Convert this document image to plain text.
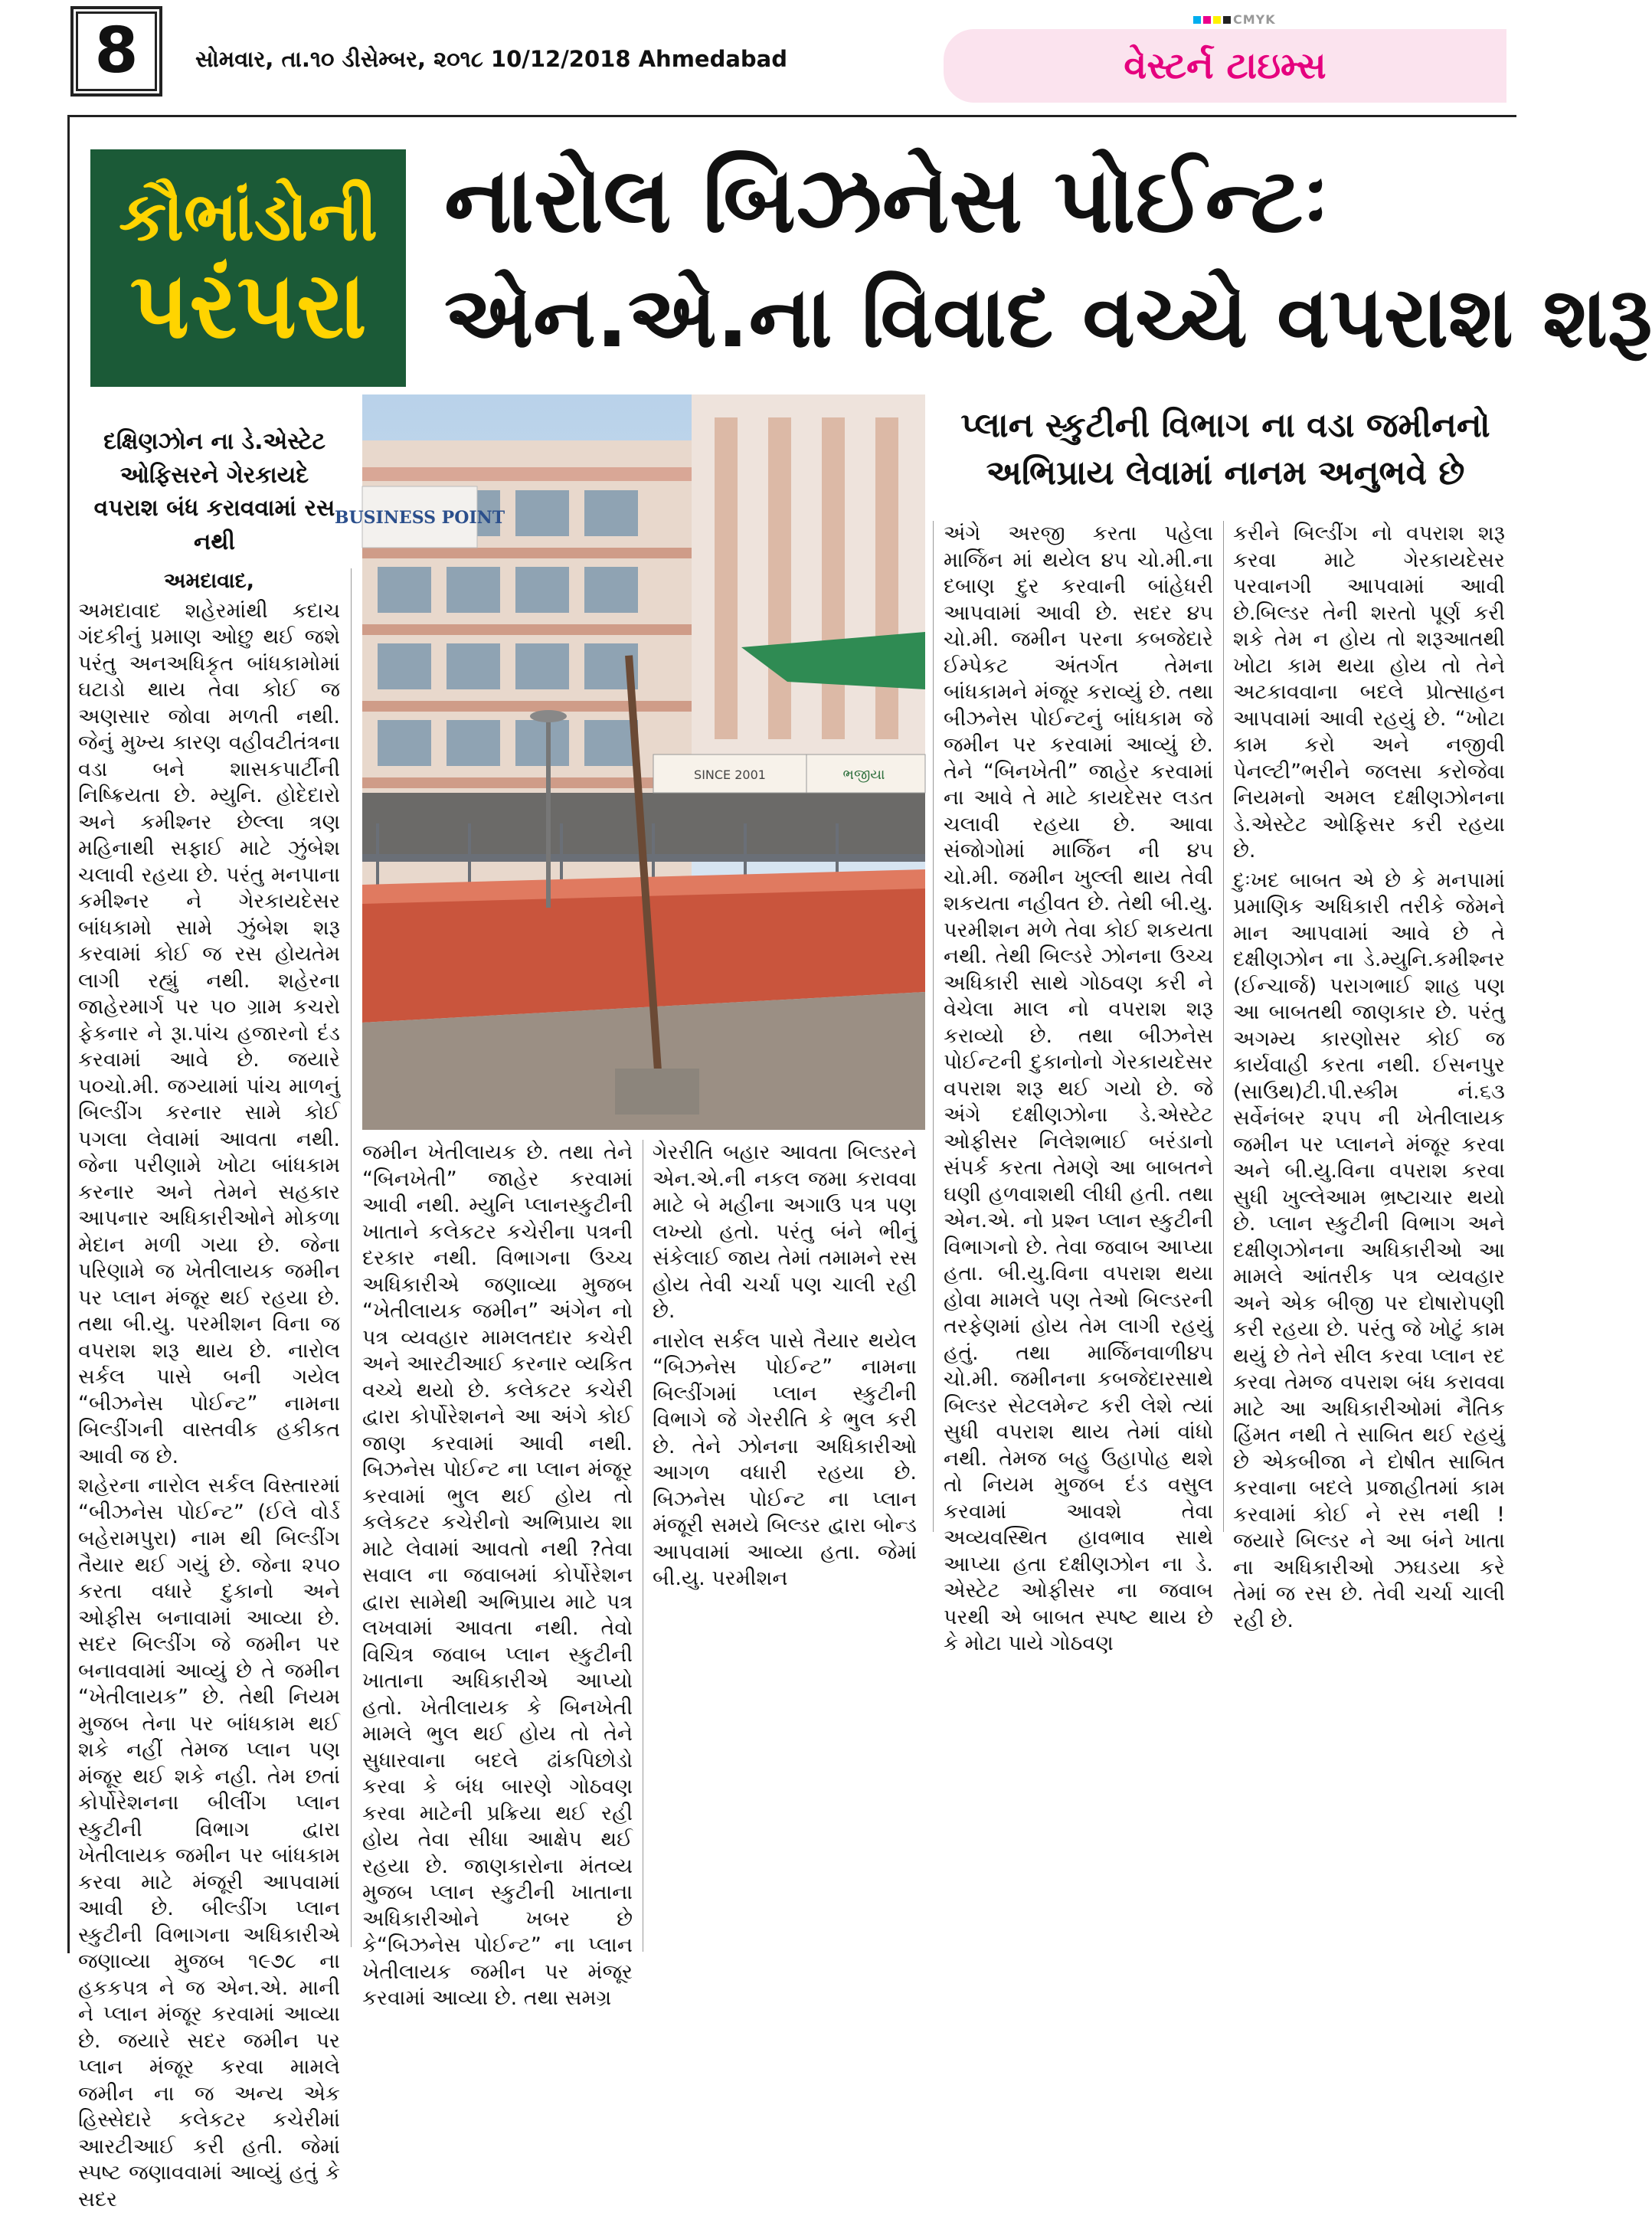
8	સોમવાર, તા.૧૦ ડીસેમ્બર, ૨૦૧૮ 10/12/2018 Ahmedabad
CMYK
વેસ્ટર્ન ટાઇમ્સ
કૌભાંડોની
પરંપરા
નારોલ બિઝનેસ પોઈન્ટઃ
એન.એ.ના વિવાદ વચ્ચે વપરાશ શરૂ
દક્ષિણઝોન ના ડે.એસ્ટેટ ઓફિસરને ગેરકાયદે વપરાશ બંધ કરાવવામાં રસ નથી
BUSINESS POINT
SINCE 2001	ભજીયા
પ્લાન સ્કુટીની વિભાગ ના વડા જમીનનો અભિપ્રાય લેવામાં નાનમ અનુભવે છે

અમદાવાદ,

અમદાવાદ શહેરમાંથી કદાચ ગંદકીનું પ્રમાણ ઓછુ થઈ જશે પરંતુ અનઅધિકૃત બાંધકામોમાં ઘટાડો થાય તેવા કોઈ જ અણસાર જોવા મળતી નથી. જેનું મુખ્ય કારણ વહીવટીતંત્રના વડા બને શાસકપાર્ટીની નિષ્ક્રિયતા છે. મ્યુનિ. હોદેદારો અને કમીશ્નર છેલ્લા ત્રણ મહિનાથી સફાઈ માટે ઝુંબેશ ચલાવી રહયા છે. પરંતુ મનપાના કમીશ્નર ને ગેરકાયદેસર બાંધકામો સામે ઝુંબેશ શરૂ કરવામાં કોઈ જ રસ હોયતેમ લાગી રહ્યું નથી. શહેરના જાહેરમાર્ગ પર ૫૦ ગ્રામ કચરો ફેકનાર ને રૂા.પાંચ હજારનો દંડ કરવામાં આવે છે. જયારે ૫૦ચો.મી. જગ્યામાં પાંચ માળનું બિલ્ડીંગ કરનાર સામે કોઈ પગલા લેવામાં આવતા નથી. જેના પરીણામે ખોટા બાંધકામ કરનાર અને તેમને સહકાર આપનાર અધિકારીઓને મોકળા મેદાન મળી ગયા છે. જેના પરિણામે જ ખેતીલાયક જમીન પર પ્લાન મંજૂર થઈ રહયા છે. તથા બી.યુ. પરમીશન વિના જ વપરાશ શરૂ થાય છે. નારોલ સર્કલ પાસે બની ગયેલ “બીઝનેસ પોઈન્ટ” નામના બિલ્ડીંગની વાસ્તવીક હકીકત આવી જ છે.

શહેરના નારોલ સર્કલ વિસ્તારમાં “બીઝનેસ પોઈન્ટ” (ઈલે વોર્ડ બહેરામપુરા) નામ થી બિલ્ડીંગ તૈયાર થઈ ગયું છે. જેના ૨૫૦ કરતા વધારે દુકાનો અને ઓફીસ બનાવામાં આવ્યા છે. સદર બિલ્ડીંગ જે જમીન પર બનાવવામાં આવ્યું છે તે જમીન “ખેતીલાયક” છે. તેથી નિયમ મુજબ તેના પર બાંધકામ થઈ શકે નહીં તેમજ પ્લાન પણ મંજૂર થઈ શકે નહી. તેમ છતાં કોર્પોરેશનના બીલીંગ પ્લાન સ્કુટીની વિભાગ દ્વારા ખેતીલાયક જમીન પર બાંધકામ કરવા માટે મંજૂરી આપવામાં આવી છે. બીલ્ડીંગ પ્લાન સ્કુટીની વિભાગના અધિકારીએ જણાવ્યા મુજબ ૧૯૭૮ ના હકકપત્ર ને જ એન.એ. માની ને પ્લાન મંજૂર કરવામાં આવ્યા છે. જયારે સદર જમીન પર પ્લાન મંજૂર કરવા મામલે જમીન ના જ અન્ય એક હિસ્સેદારે કલેકટર કચેરીમાં આરટીઆઈ કરી હતી. જેમાં સ્પષ્ટ જણાવવામાં આવ્યું હતું કે સદર

જમીન ખેતીલાયક છે. તથા તેને “બિનખેતી” જાહેર કરવામાં આવી નથી. મ્યુનિ પ્લાનસ્કુટીની ખાતાને કલેકટર કચેરીના પત્રની દરકાર નથી. વિભાગના ઉચ્ચ અધિકારીએ જણાવ્યા મુજબ “ખેતીલાયક જમીન” અંગેન નો પત્ર વ્યવહાર મામલતદાર કચેરી અને આરટીઆઈ કરનાર વ્યકિત વચ્ચે થયો છે. કલેકટર કચેરી દ્વારા કોર્પોરેશનને આ અંગે કોઈ જાણ કરવામાં આવી નથી. બિઝનેસ પોઈન્ટ ના પ્લાન મંજૂર કરવામાં ભુલ થઈ હોય તો કલેકટર કચેરીનો અભિપ્રાય શા માટે લેવામાં આવતો નથી ?તેવા સવાલ ના જવાબમાં કોર્પોરેશન દ્વારા સામેથી અભિપ્રાય માટે પત્ર લખવામાં આવતા નથી. તેવો વિચિત્ર જવાબ પ્લાન સ્કુટીની ખાતાના અધિકારીએ આપ્યો હતો. ખેતીલાયક કે બિનખેતી મામલે ભુલ થઈ હોય તો તેને સુધારવાના બદલે ઢાંકપિછોડો કરવા કે બંધ બારણે ગોઠવણ કરવા માટેની પ્રક્રિયા થઈ રહી હોય તેવા સીધા આક્ષેપ થઈ રહયા છે. જાણકારોના મંતવ્ય મુજબ પ્લાન સ્કુટીની ખાતાના અધિકારીઓને ખબર છે કે“બિઝનેસ પોઈન્ટ” ના પ્લાન ખેતીલાયક જમીન પર મંજૂર કરવામાં આવ્યા છે. તથા સમગ્ર

ગેરરીતિ બહાર આવતા બિલ્ડરને એન.એ.ની નકલ જમા કરાવવા માટે બે મહીના અગાઉ પત્ર પણ લખ્યો હતો. પરંતુ બંને ભીનું સંકેલાઈ જાય તેમાં તમામને રસ હોય તેવી ચર્ચા પણ ચાલી રહી છે.

નારોલ સર્કલ પાસે તૈયાર થયેલ “બિઝનેસ પોઈન્ટ” નામના બિલ્ડીંગમાં પ્લાન સ્કુટીની વિભાગે જે ગેરરીતિ કે ભુલ કરી છે. તેને ઝોનના અધિકારીઓ આગળ વધારી રહયા છે. બિઝનેસ પોઈન્ટ ના પ્લાન મંજૂરી સમયે બિલ્ડર દ્વારા બોન્ડ આપવામાં આવ્યા હતા. જેમાં બી.યુ. પરમીશન

અંગે અરજી કરતા પહેલા માર્જિન માં થયેલ ૪૫ ચો.મી.ના દબાણ દુર કરવાની બાંહેધરી આપવામાં આવી છે. સદર ૪૫ ચો.મી. જમીન પરના કબજેદારે ઈમ્પેકટ અંતર્ગત તેમના બાંધકામને મંજૂર કરાવ્યું છે. તથા બીઝનેસ પોઈન્ટનું બાંધકામ જે જમીન પર કરવામાં આવ્યું છે. તેને “બિનખેતી” જાહેર કરવામાં ના આવે તે માટે કાયદેસર લડત ચલાવી રહયા છે. આવા સંજોગોમાં માર્જિન ની ૪૫ ચો.મી. જમીન ખુલ્લી થાય તેવી શકયતા નહીવત છે. તેથી બી.યુ. પરમીશન મળે તેવા કોઈ શકયતા નથી. તેથી બિલ્ડરે ઝોનના ઉચ્ચ અધિકારી સાથે ગોઠવણ કરી ને વેચેલા માલ નો વપરાશ શરૂ કરાવ્યો છે. તથા બીઝનેસ પોઈન્ટની દુકાનોનો ગેરકાયદેસર વપરાશ શરૂ થઈ ગયો છે. જે અંગે દક્ષીણઝોના ડે.એસ્ટેટ ઓફીસર નિલેશભાઈ બરંડાનો સંપર્ક કરતા તેમણે આ બાબતને ઘણી હળવાશથી લીધી હતી. તથા એન.એ. નો પ્રશ્ન પ્લાન સ્કુટીની વિભાગનો છે. તેવા જવાબ આપ્યા હતા. બી.યુ.વિના વપરાશ થયા હોવા મામલે પણ તેઓ બિલ્ડરની તરફેણમાં હોય તેમ લાગી રહયું હતું. તથા માર્જિનવાળી૪૫ ચો.મી. જમીનના કબજેદારસાથે બિલ્ડર સેટલમેન્ટ કરી લેશે ત્યાં સુધી વપરાશ થાય તેમાં વાંધો નથી. તેમજ બહુ ઉહાપોહ થશે તો નિયમ મુજબ દંડ વસુલ કરવામાં આવશે તેવા અવ્યવસ્થિત હાવભાવ સાથે આપ્યા હતા દક્ષીણઝોન ના ડે. એસ્ટેટ ઓફીસર ના જવાબ પરથી એ બાબત સ્પષ્ટ થાય છે કે મોટા પાયે ગોઠવણ

કરીને બિલ્ડીંગ નો વપરાશ શરૂ કરવા માટે ગેરકાયદેસર પરવાનગી આપવામાં આવી છે.બિલ્ડર તેની શરતો પૂર્ણ કરી શકે તેમ ન હોય તો શરૂઆતથી ખોટા કામ થયા હોય તો તેને અટકાવવાના બદલે પ્રોત્સાહન આપવામાં આવી રહયું છે. “ખોટા કામ કરો અને નજીવી પેનલ્ટી”ભરીને જલસા કરોજેવા નિયમનો અમલ દક્ષીણઝોનના ડે.એસ્ટેટ ઓફિસર કરી રહયા છે.

દુઃખદ બાબત એ છે કે મનપામાં પ્રમાણિક અધિકારી તરીકે જેમને માન આપવામાં આવે છે તે દક્ષીણઝોન ના ડે.મ્યુનિ.કમીશ્નર (ઈન્ચાર્જ) પરાગભાઈ શાહ પણ આ બાબતથી જાણકાર છે. પરંતુ અગમ્ય કારણોસર કોઈ જ કાર્યવાહી કરતા નથી. ઈસનપુર (સાઉથ)ટી.પી.સ્કીમ નં.૬૩ સર્વેનંબર ૨૫૫ ની ખેતીલાયક જમીન પર પ્લાનને મંજૂર કરવા અને બી.યુ.વિના વપરાશ કરવા સુધી ખુલ્લેઆમ ભ્રષ્ટાચાર થયો છે. પ્લાન સ્કુટીની વિભાગ અને દક્ષીણઝોનના અધિકારીઓ આ મામલે આંતરીક પત્ર વ્યવહાર અને એક બીજી પર દોષારોપણી કરી રહયા છે. પરંતુ જે ખોટું કામ થયું છે તેને સીલ કરવા પ્લાન રદ કરવા તેમજ વપરાશ બંધ કરાવવા માટે આ અધિકારીઓમાં નૈતિક હિંમત નથી તે સાબિત થઈ રહયું છે એકબીજા ને દોષીત સાબિત કરવાના બદલે પ્રજાહીતમાં કામ કરવામાં કોઈ ને રસ નથી ! જયારે બિલ્ડર ને આ બંને ખાતા ના અધિકારીઓ ઝઘડયા કરે તેમાં જ રસ છે. તેવી ચર્ચા ચાલી રહી છે.
